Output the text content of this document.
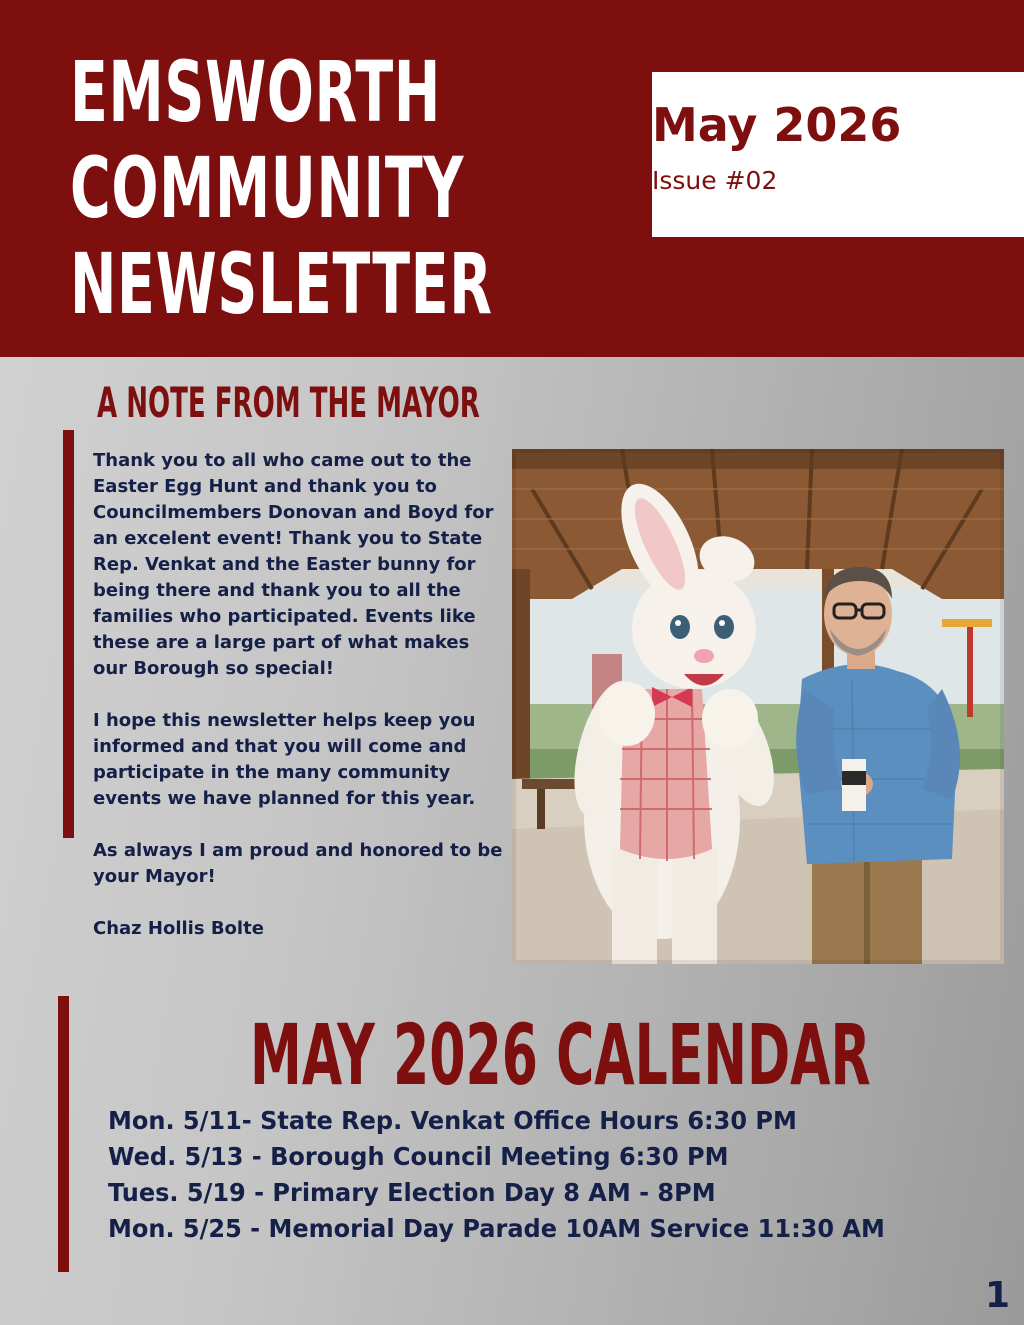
EMSWORTH
COMMUNITY
NEWSLETTER
May 2026
Issue #02
A NOTE FROM THE MAYOR

Thank you to all who came out to the Easter Egg Hunt and thank you to Councilmembers Donovan and Boyd for an excelent event! Thank you to State Rep. Venkat and the Easter bunny for being there and thank you to all the families who participated. Events like these are a large part of what makes our Borough so special!

I hope this newsletter helps keep you informed and that you will come and participate in the many community events we have planned for this year.

As always I am proud and honored to be your Mayor!

Chaz Hollis Bolte

MAY 2026 CALENDAR
Mon. 5/11- State Rep. Venkat Office Hours 6:30 PM
Wed. 5/13 - Borough Council Meeting 6:30 PM
Tues. 5/19 - Primary Election Day 8 AM - 8PM
Mon. 5/25 - Memorial Day Parade 10AM Service 11:30 AM
1
